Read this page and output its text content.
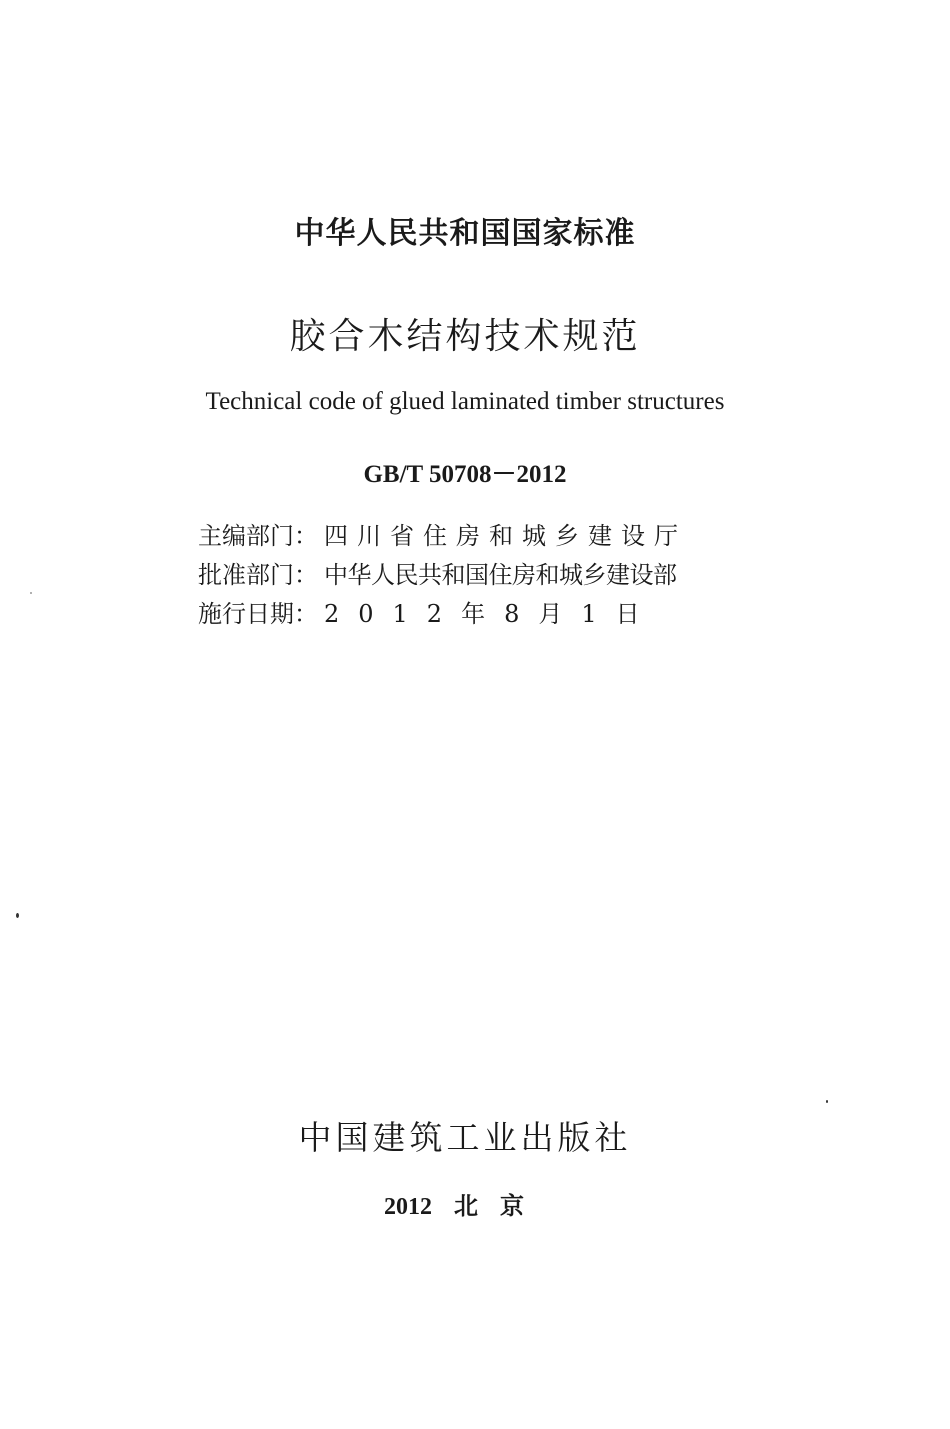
中华人民共和国国家标准
胶合木结构技术规范
Technical code of glued laminated timber structures
GB/T 50708－2012
主编部门： 四川省住房和城乡建设厅
批准部门： 中华人民共和国住房和城乡建设部
施行日期： 2012年8月1日
中国建筑工业出版社
2012 北京
